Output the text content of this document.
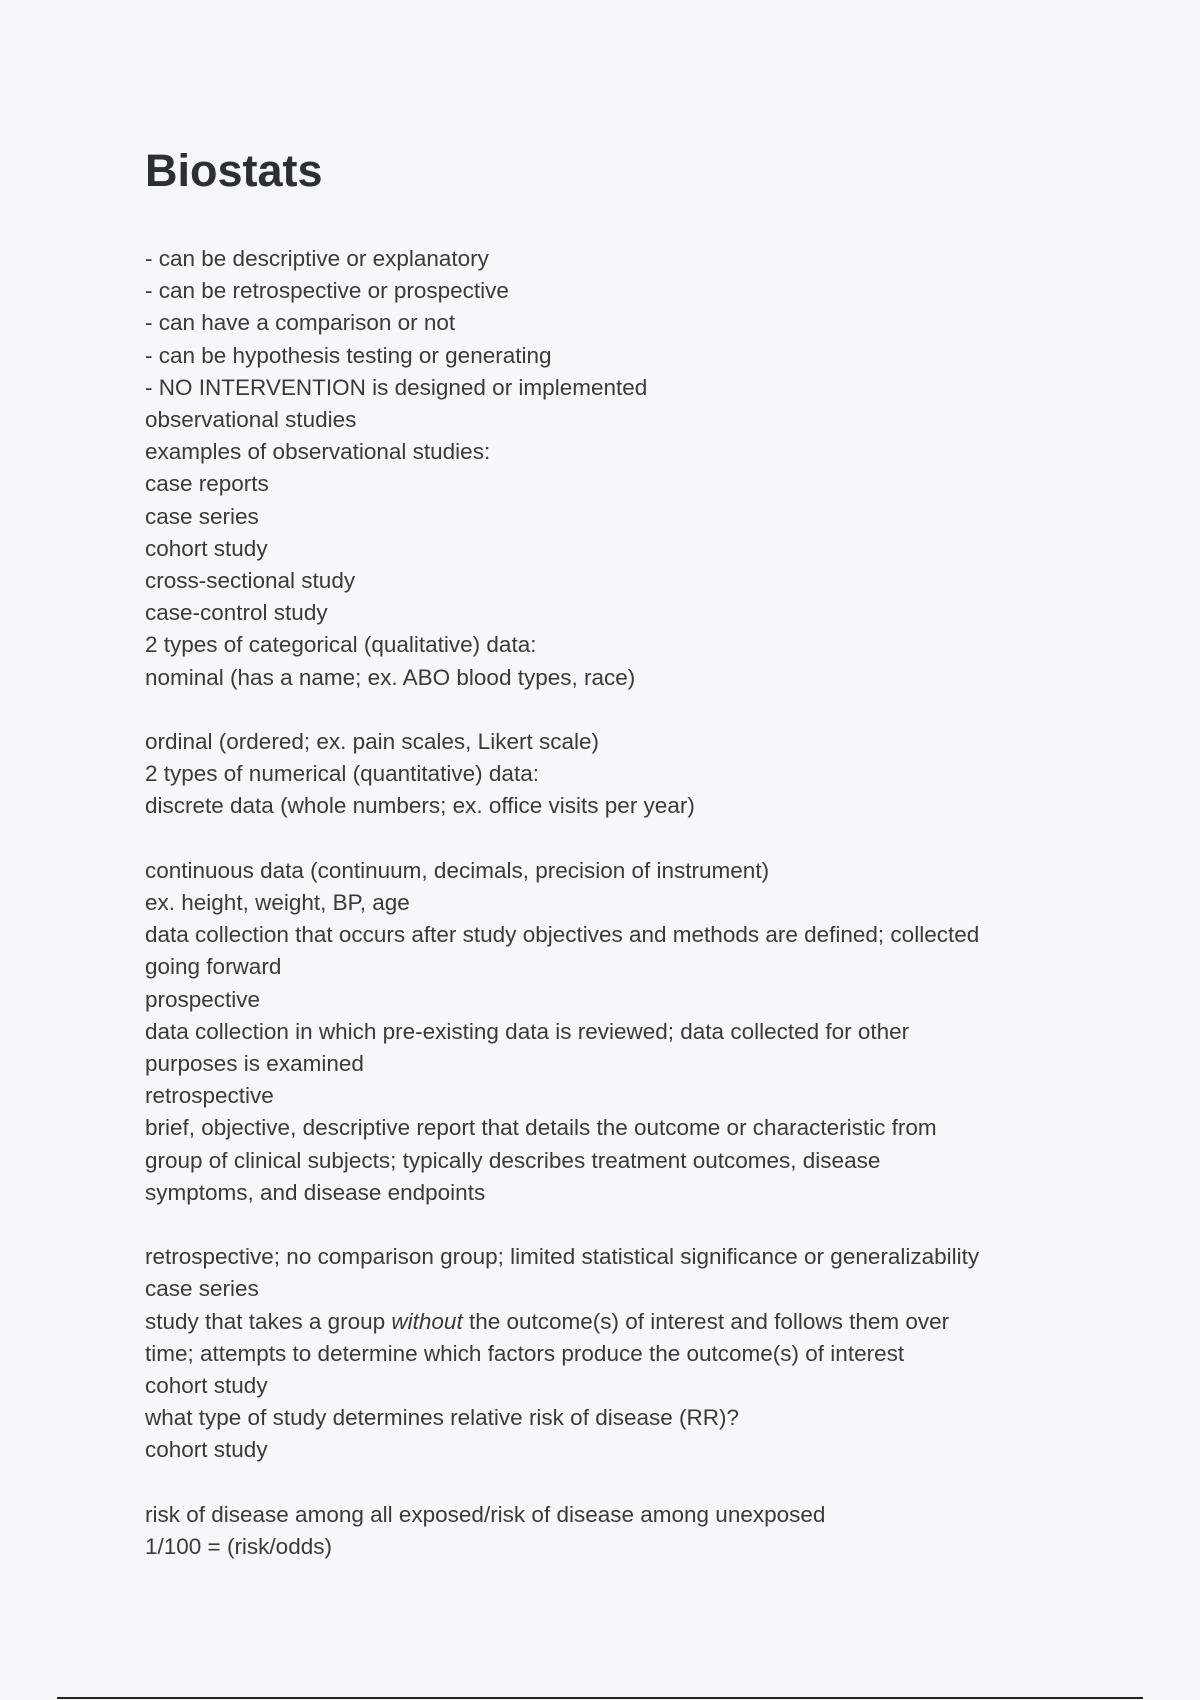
Biostats
- can be descriptive or explanatory
- can be retrospective or prospective
- can have a comparison or not
- can be hypothesis testing or generating
- NO INTERVENTION is designed or implemented
observational studies
examples of observational studies:
case reports
case series
cohort study
cross-sectional study
case-control study
2 types of categorical (qualitative) data:
nominal (has a name; ex. ABO blood types, race)
ordinal (ordered; ex. pain scales, Likert scale)
2 types of numerical (quantitative) data:
discrete data (whole numbers; ex. office visits per year)
continuous data (continuum, decimals, precision of instrument)
ex. height, weight, BP, age
data collection that occurs after study objectives and methods are defined; collected
going forward
prospective
data collection in which pre-existing data is reviewed; data collected for other
purposes is examined
retrospective
brief, objective, descriptive report that details the outcome or characteristic from
group of clinical subjects; typically describes treatment outcomes, disease
symptoms, and disease endpoints
retrospective; no comparison group; limited statistical significance or generalizability
case series
study that takes a group without the outcome(s) of interest and follows them over
time; attempts to determine which factors produce the outcome(s) of interest
cohort study
what type of study determines relative risk of disease (RR)?
cohort study
risk of disease among all exposed/risk of disease among unexposed
1/100 = (risk/odds)
